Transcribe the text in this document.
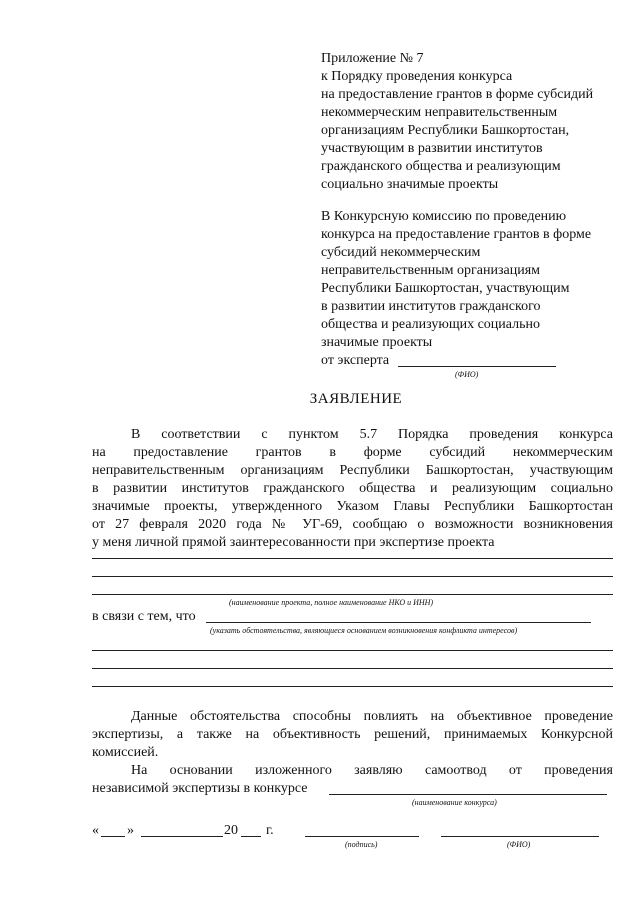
Приложение № 7
к Порядку проведения конкурса
на предоставление грантов в форме субсидий
некоммерческим неправительственным
организациям Республики Башкортостан,
участвующим в развитии институтов
гражданского общества и реализующим
социально значимые проекты
В Конкурсную комиссию по проведению
конкурса на предоставление грантов в форме
субсидий некоммерческим
неправительственным организациям
Республики Башкортостан, участвующим
в развитии институтов гражданского
общества и реализующих социально
значимые проекты
от эксперта
(ФИО)
ЗАЯВЛЕНИЕ
В соответствии с пунктом 5.7 Порядка проведения конкурса
на предоставление грантов в форме субсидий некоммерческим
неправительственным организациям Республики Башкортостан, участвующим
в развитии институтов гражданского общества и реализующим социально
значимые проекты, утвержденного Указом Главы Республики Башкортостан
от 27 февраля 2020 года № УГ-69, сообщаю о возможности возникновения
у меня личной прямой заинтересованности при экспертизе проекта
(наименование проекта, полное наименование НКО и ИНН)
в связи с тем, что
(указать обстоятельства, являющиеся основанием возникновения конфликта интересов)
Данные обстоятельства способны повлиять на объективное проведение
экспертизы, а также на объективность решений, принимаемых Конкурсной
комиссией.
На основании изложенного заявляю самоотвод от проведения
независимой экспертизы в конкурсе
(наименование конкурса)
« »	20 г.
(подпись)	(ФИО)
